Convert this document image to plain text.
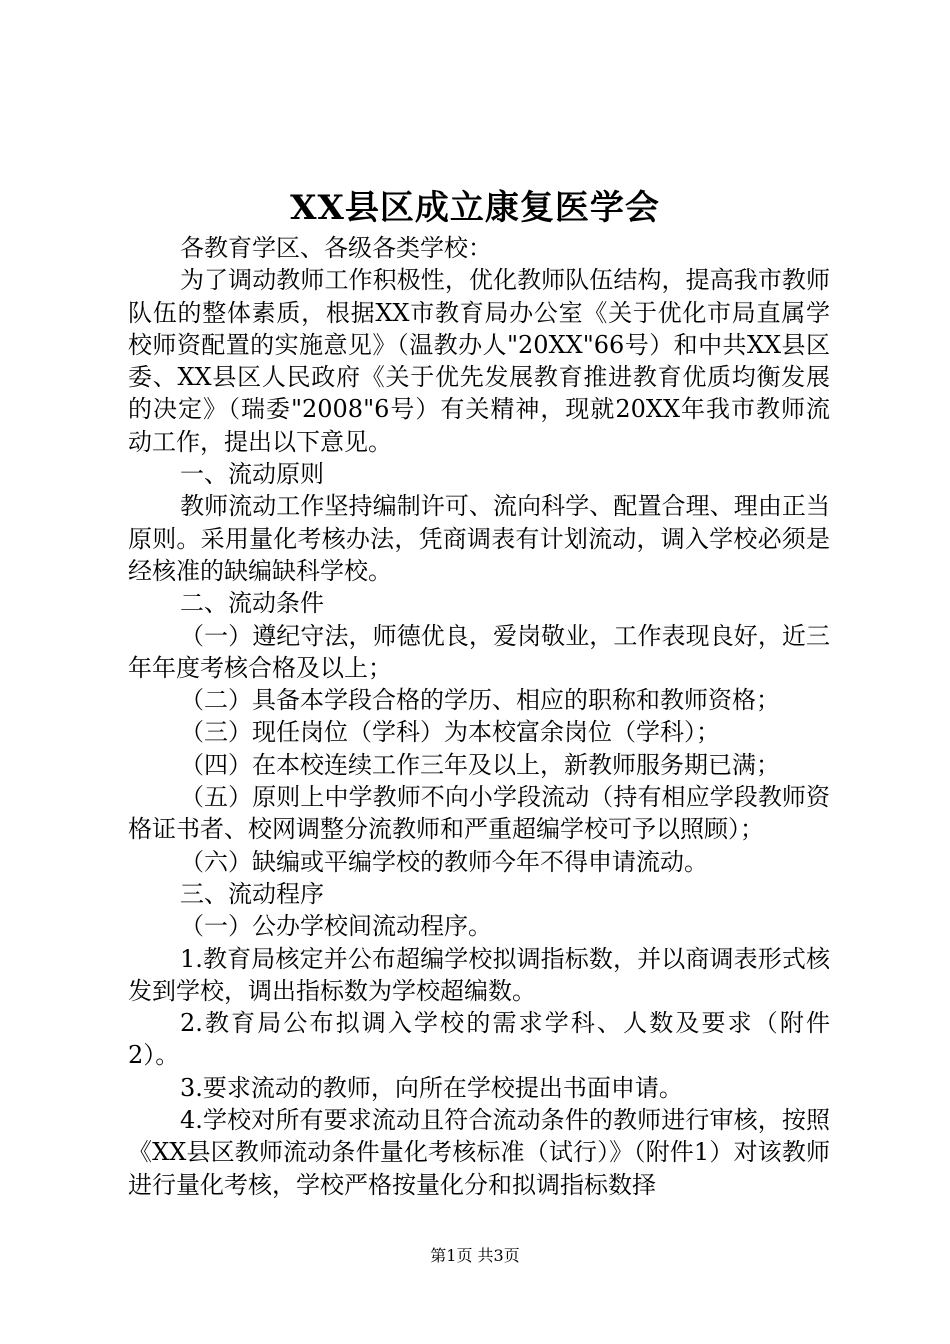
XX县区成立康复医学会

各教育学区、各级各类学校：

为了调动教师工作积极性，优化教师队伍结构，提高我市教师队伍的整体素质，根据XX市教育局办公室《关于优化市局直属学校师资配置的实施意见》（温教办人"20XX"66号）和中共XX县区委、XX县区人民政府《关于优先发展教育推进教育优质均衡发展的决定》（瑞委"2008"6号）有关精神，现就20XX年我市教师流动工作，提出以下意见。

一、流动原则

教师流动工作坚持编制许可、流向科学、配置合理、理由正当原则。采用量化考核办法，凭商调表有计划流动，调入学校必须是经核准的缺编缺科学校。

二、流动条件

（一）遵纪守法，师德优良，爱岗敬业，工作表现良好，近三年年度考核合格及以上；

（二）具备本学段合格的学历、相应的职称和教师资格；

（三）现任岗位（学科）为本校富余岗位（学科）；

（四）在本校连续工作三年及以上，新教师服务期已满；

（五）原则上中学教师不向小学段流动（持有相应学段教师资格证书者、校网调整分流教师和严重超编学校可予以照顾）；

（六）缺编或平编学校的教师今年不得申请流动。

三、流动程序

（一）公办学校间流动程序。

1.教育局核定并公布超编学校拟调指标数，并以商调表形式核发到学校，调出指标数为学校超编数。

2.教育局公布拟调入学校的需求学科、人数及要求（附件2）。

3.要求流动的教师，向所在学校提出书面申请。

4.学校对所有要求流动且符合流动条件的教师进行审核，按照《XX县区教师流动条件量化考核标准（试行）》（附件1）对该教师进行量化考核，学校严格按量化分和拟调指标数择

第1页 共3页
